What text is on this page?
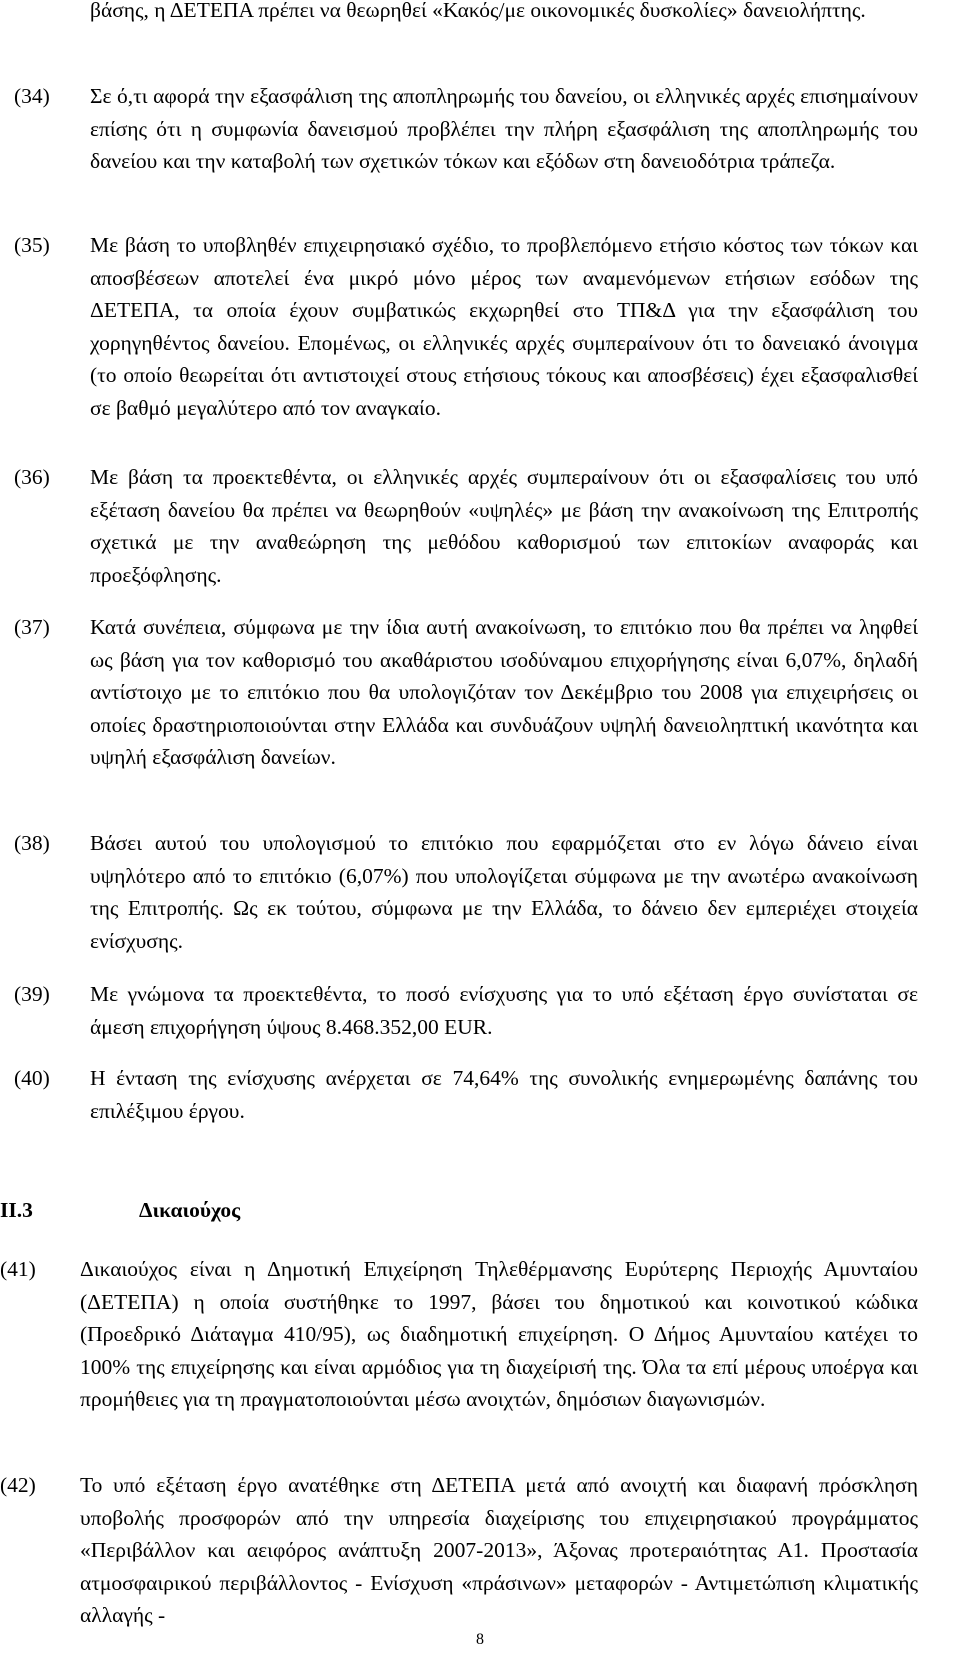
βάσης, η ΔΕΤΕΠΑ πρέπει να θεωρηθεί «Κακός/με οικονομικές δυσκολίες» δανειολήπτης.

(34) Σε ό,τι αφορά την εξασφάλιση της αποπληρωμής του δανείου, οι ελληνικές αρχές επισημαίνουν επίσης ότι η συμφωνία δανεισμού προβλέπει την πλήρη εξασφάλιση της αποπληρωμής του δανείου και την καταβολή των σχετικών τόκων και εξόδων στη δανειοδότρια τράπεζα.

(35) Με βάση το υποβληθέν επιχειρησιακό σχέδιο, το προβλεπόμενο ετήσιο κόστος των τόκων και αποσβέσεων αποτελεί ένα μικρό μόνο μέρος των αναμενόμενων ετήσιων εσόδων της ΔΕΤΕΠΑ, τα οποία έχουν συμβατικώς εκχωρηθεί στο ΤΠ&Δ για την εξασφάλιση του χορηγηθέντος δανείου. Επομένως, οι ελληνικές αρχές συμπεραίνουν ότι το δανειακό άνοιγμα (το οποίο θεωρείται ότι αντιστοιχεί στους ετήσιους τόκους και αποσβέσεις) έχει εξασφαλισθεί σε βαθμό μεγαλύτερο από τον αναγκαίο.

(36) Με βάση τα προεκτεθέντα, οι ελληνικές αρχές συμπεραίνουν ότι οι εξασφαλίσεις του υπό εξέταση δανείου θα πρέπει να θεωρηθούν «υψηλές» με βάση την ανακοίνωση της Επιτροπής σχετικά με την αναθεώρηση της μεθόδου καθορισμού των επιτοκίων αναφοράς και προεξόφλησης.

(37) Κατά συνέπεια, σύμφωνα με την ίδια αυτή ανακοίνωση, το επιτόκιο που θα πρέπει να ληφθεί ως βάση για τον καθορισμό του ακαθάριστου ισοδύναμου επιχορήγησης είναι 6,07%, δηλαδή αντίστοιχο με το επιτόκιο που θα υπολογιζόταν τον Δεκέμβριο του 2008 για επιχειρήσεις οι οποίες δραστηριοποιούνται στην Ελλάδα και συνδυάζουν υψηλή δανειοληπτική ικανότητα και υψηλή εξασφάλιση δανείων.

(38) Βάσει αυτού του υπολογισμού το επιτόκιο που εφαρμόζεται στο εν λόγω δάνειο είναι υψηλότερο από το επιτόκιο (6,07%) που υπολογίζεται σύμφωνα με την ανωτέρω ανακοίνωση της Επιτροπής. Ως εκ τούτου, σύμφωνα με την Ελλάδα, το δάνειο δεν εμπεριέχει στοιχεία ενίσχυσης.

(39) Με γνώμονα τα προεκτεθέντα, το ποσό ενίσχυσης για το υπό εξέταση έργο συνίσταται σε άμεση επιχορήγηση ύψους 8.468.352,00 EUR.

(40) Η ένταση της ενίσχυσης ανέρχεται σε 74,64% της συνολικής ενημερωμένης δαπάνης του επιλέξιμου έργου.

II.3	Δικαιούχος
(41) Δικαιούχος είναι η Δημοτική Επιχείρηση Τηλεθέρμανσης Ευρύτερης Περιοχής Αμυνταίου (ΔΕΤΕΠΑ) η οποία συστήθηκε το 1997, βάσει του δημοτικού και κοινοτικού κώδικα (Προεδρικό Διάταγμα 410/95), ως διαδημοτική επιχείρηση. Ο Δήμος Αμυνταίου κατέχει το 100% της επιχείρησης και είναι αρμόδιος για τη διαχείρισή της. Όλα τα επί μέρους υποέργα και προμήθειες για τη πραγματοποιούνται μέσω ανοιχτών, δημόσιων διαγωνισμών.

(42) Το υπό εξέταση έργο ανατέθηκε στη ΔΕΤΕΠΑ μετά από ανοιχτή και διαφανή πρόσκληση υποβολής προσφορών από την υπηρεσία διαχείρισης του επιχειρησιακού προγράμματος «Περιβάλλον και αειφόρος ανάπτυξη 2007-2013», Άξονας προτεραιότητας Α1. Προστασία ατμοσφαιρικού περιβάλλοντος - Ενίσχυση «πράσινων» μεταφορών - Αντιμετώπιση κλιματικής αλλαγής -

8
